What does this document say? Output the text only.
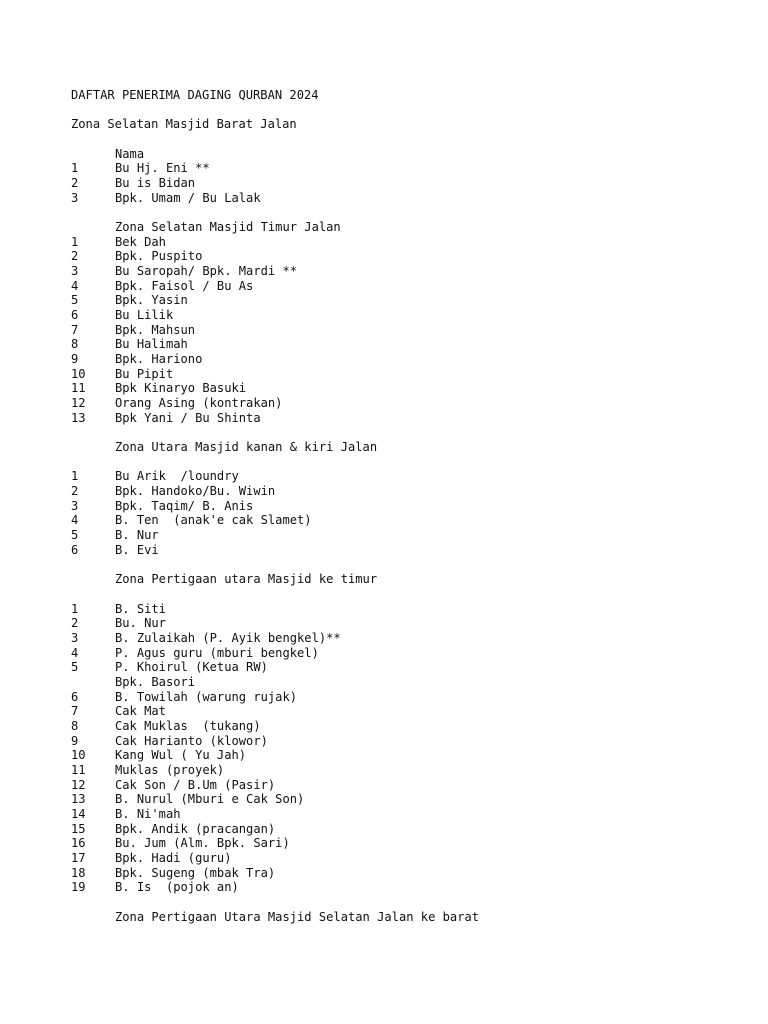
DAFTAR PENERIMA DAGING QURBAN 2024

Zona Selatan Masjid Barat Jalan

Nama

1	Bu Hj. Eni **
2	Bu is Bidan
3	Bpk. Umam / Bu Lalak

Zona Selatan Masjid Timur Jalan

1	Bek Dah
2	Bpk. Puspito
3	Bu Saropah/ Bpk. Mardi **
4	Bpk. Faisol / Bu As
5	Bpk. Yasin
6	Bu Lilik
7	Bpk. Mahsun
8	Bu Halimah
9	Bpk. Hariono
10 Bu Pipit
11 Bpk Kinaryo Basuki
12 Orang Asing (kontrakan)
13 Bpk Yani / Bu Shinta

Zona Utara Masjid kanan & kiri Jalan

1	Bu Arik  /loundry
2	Bpk. Handoko/Bu. Wiwin
3	Bpk. Taqim/ B. Anis
4	B. Ten  (anak'e cak Slamet)
5	B. Nur
6	B. Evi

Zona Pertigaan utara Masjid ke timur

1	B. Siti
2	Bu. Nur
3	B. Zulaikah (P. Ayik bengkel)**
4	P. Agus guru (mburi bengkel)
5	P. Khoirul (Ketua RW)
Bpk. Basori
6	B. Towilah (warung rujak)
7	Cak Mat
8	Cak Muklas  (tukang)
9	Cak Harianto (klowor)
10 Kang Wul ( Yu Jah)
11 Muklas (proyek)
12 Cak Son / B.Um (Pasir)
13 B. Nurul (Mburi e Cak Son)
14 B. Ni'mah
15 Bpk. Andik (pracangan)
16 Bu. Jum (Alm. Bpk. Sari)
17 Bpk. Hadi (guru)
18 Bpk. Sugeng (mbak Tra)
19 B. Is  (pojok an)

Zona Pertigaan Utara Masjid Selatan Jalan ke barat
